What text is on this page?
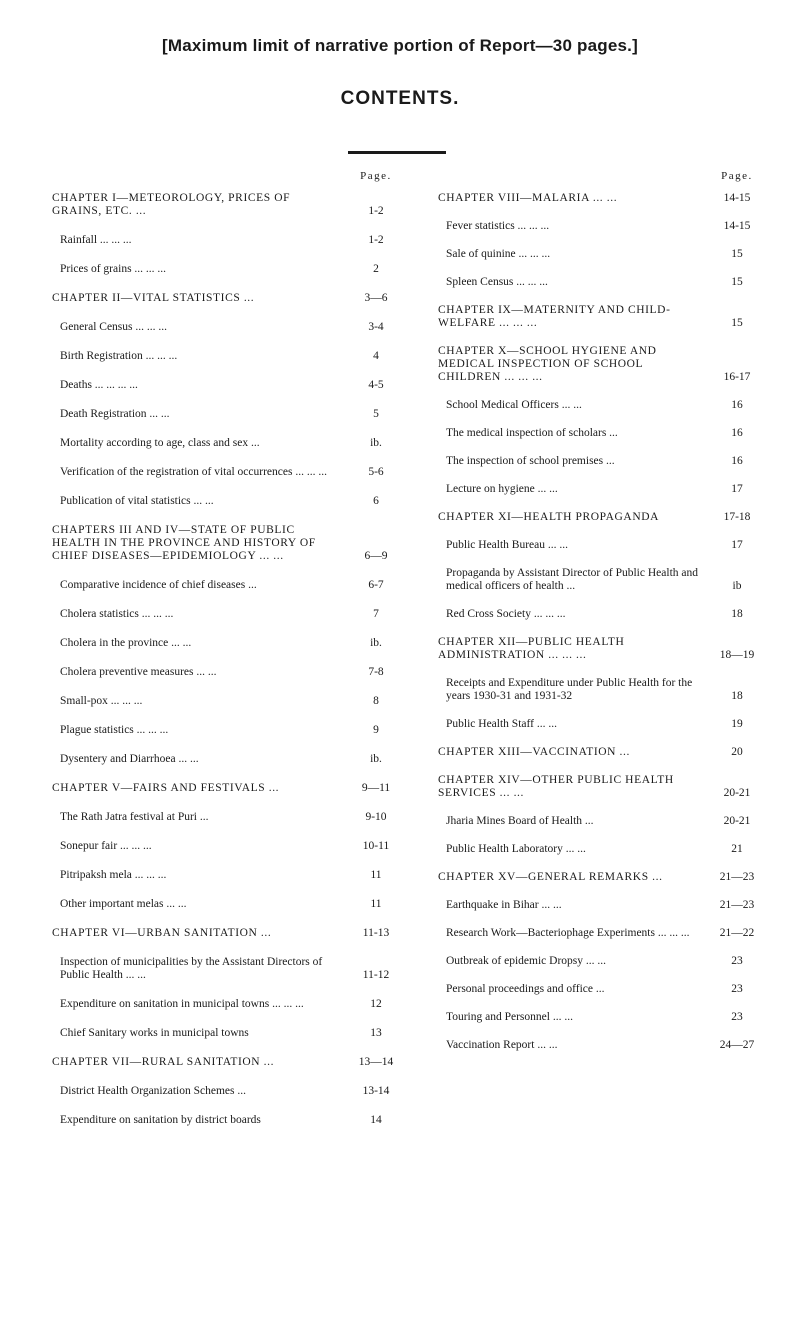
[Maximum limit of narrative portion of Report—30 pages.]
CONTENTS.
Page.
CHAPTER I—METEOROLOGY, PRICES OF GRAINS, ETC. ...	1-2
Rainfall ... ... ...	1-2
Prices of grains ... ... ...	2
CHAPTER II—VITAL STATISTICS ...	3—6
General Census ... ... ...	3-4
Birth Registration ... ... ...	4
Deaths ... ... ... ...	4-5
Death Registration ... ...	5
Mortality according to age, class and sex ...	ib.
Verification of the registration of vital occurrences ... ... ...	5-6
Publication of vital statistics ... ...	6
CHAPTERS III AND IV—STATE OF PUBLIC HEALTH IN THE PROVINCE AND HISTORY OF CHIEF DISEASES—EPIDEMIOLOGY ... ...	6—9
Comparative incidence of chief diseases ...	6-7
Cholera statistics ... ... ...	7
Cholera in the province ... ...	ib.
Cholera preventive measures ... ...	7-8
Small-pox ... ... ...	8
Plague statistics ... ... ...	9
Dysentery and Diarrhoea ... ...	ib.
CHAPTER V—FAIRS AND FESTIVALS ...	9—11
The Rath Jatra festival at Puri ...	9-10
Sonepur fair ... ... ...	10-11
Pitripaksh mela ... ... ...	11
Other important melas ... ...	11
CHAPTER VI—URBAN SANITATION ...	11-13
Inspection of municipalities by the Assistant Directors of Public Health ... ...	11-12
Expenditure on sanitation in municipal towns ... ... ...	12
Chief Sanitary works in municipal towns	13
CHAPTER VII—RURAL SANITATION ...	13—14
District Health Organization Schemes ...	13-14
Expenditure on sanitation by district boards	14
Page.
CHAPTER VIII—MALARIA ... ...	14-15
Fever statistics ... ... ...	14-15
Sale of quinine ... ... ...	15
Spleen Census ... ... ...	15
CHAPTER IX—MATERNITY AND CHILD-WELFARE ... ... ...	15
CHAPTER X—SCHOOL HYGIENE AND MEDICAL INSPECTION OF SCHOOL CHILDREN ... ... ...	16-17
School Medical Officers ... ...	16
The medical inspection of scholars ...	16
The inspection of school premises ...	16
Lecture on hygiene ... ...	17
CHAPTER XI—HEALTH PROPAGANDA	17-18
Public Health Bureau ... ...	17
Propaganda by Assistant Director of Public Health and medical officers of health ...	ib
Red Cross Society ... ... ...	18
CHAPTER XII—PUBLIC HEALTH ADMINISTRATION ... ... ...	18—19
Receipts and Expenditure under Public Health for the years 1930-31 and 1931-32	18
Public Health Staff ... ...	19
CHAPTER XIII—VACCINATION ...	20
CHAPTER XIV—OTHER PUBLIC HEALTH SERVICES ... ...	20-21
Jharia Mines Board of Health ...	20-21
Public Health Laboratory ... ...	21
CHAPTER XV—GENERAL REMARKS ...	21—23
Earthquake in Bihar ... ...	21—23
Research Work—Bacteriophage Experiments ... ... ...	21—22
Outbreak of epidemic Dropsy ... ...	23
Personal proceedings and office ...	23
Touring and Personnel ... ...	23
Vaccination Report ... ...	24—27
